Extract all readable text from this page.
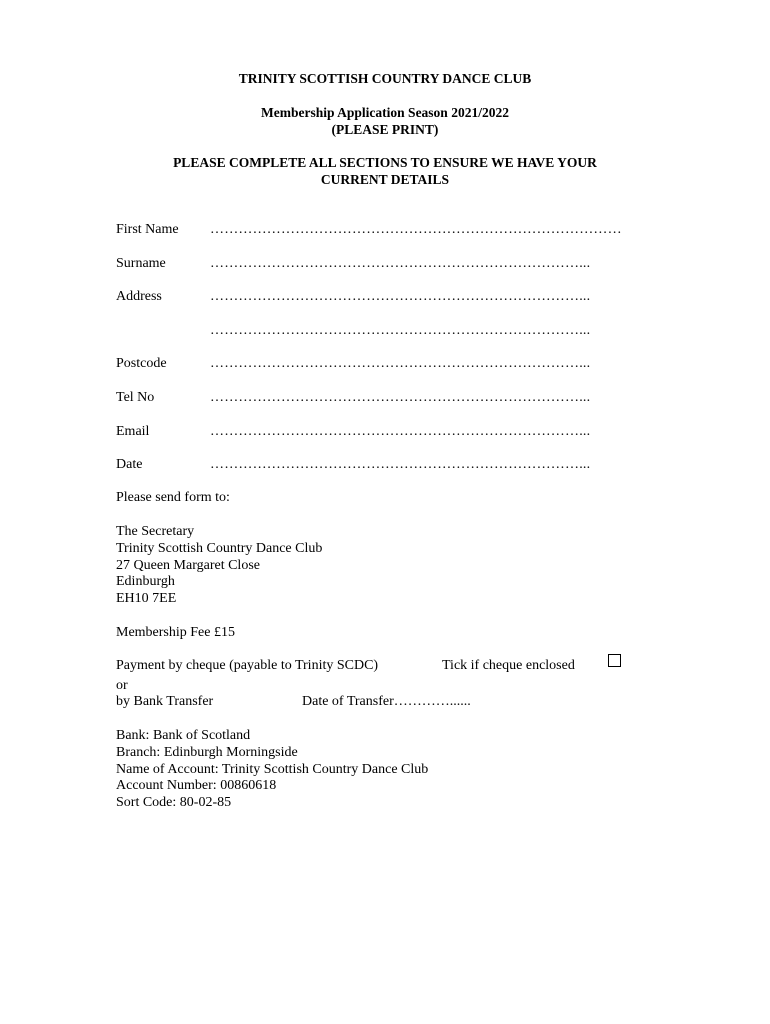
TRINITY SCOTTISH COUNTRY DANCE CLUB
Membership Application Season 2021/2022
(PLEASE PRINT)
PLEASE COMPLETE ALL SECTIONS TO ENSURE WE HAVE YOUR
CURRENT DETAILS
First Name ……………………………………………………………………………
Surname	……………………………………………………………………...
Address	……………………………………………………………………...
……………………………………………………………………...
Postcode	……………………………………………………………………...
Tel No	……………………………………………………………………...
Email	……………………………………………………………………...
Date	……………………………………………………………………...
Please send form to:
The Secretary
Trinity Scottish Country Dance Club
27 Queen Margaret Close
Edinburgh
EH10 7EE
Membership Fee £15
Payment by cheque (payable to Trinity SCDC)	Tick if cheque enclosed
or
by Bank Transfer	Date of Transfer…………......
Bank: Bank of Scotland
Branch: Edinburgh Morningside
Name of Account: Trinity Scottish Country Dance Club
Account Number: 00860618
Sort Code: 80-02-85
